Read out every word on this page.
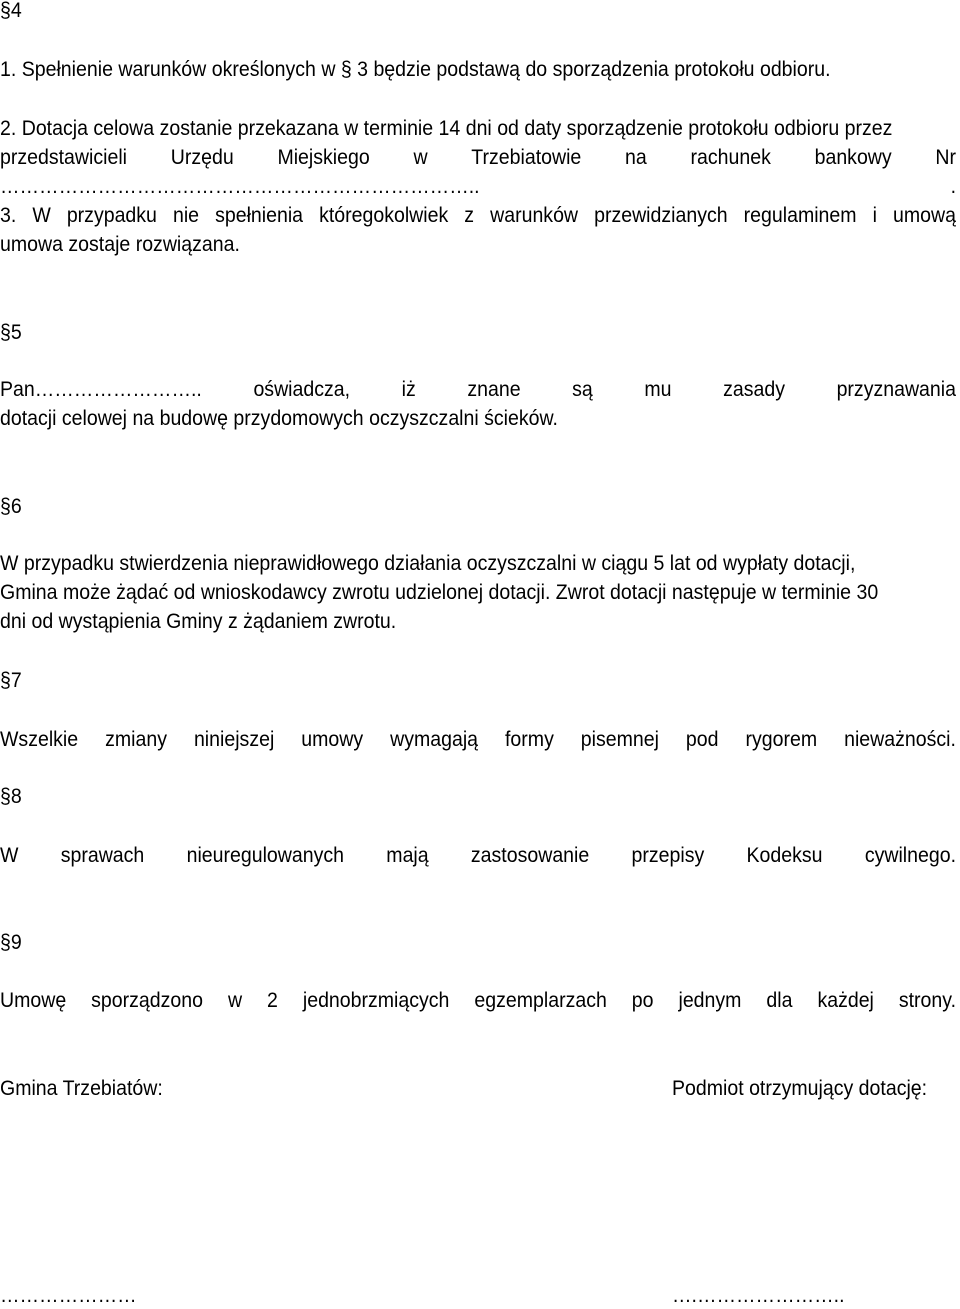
§4
1. Spełnienie warunków określonych w § 3 będzie podstawą do sporządzenia protokołu odbioru.
2. Dotacja celowa zostanie przekazana w terminie 14 dni od daty sporządzenie protokołu odbioru przez
przedstawicieli Urzędu Miejskiego w Trzebiatowie na rachunek bankowy Nr
………………………………………………………………..	.
3. W przypadku nie spełnienia któregokolwiek z warunków przewidzianych regulaminem i umową
umowa zostaje rozwiązana.
§5
Pan…………………….. oświadcza, iż znane są mu zasady przyznawania
dotacji celowej na budowę przydomowych oczyszczalni ścieków.
§6
W przypadku stwierdzenia nieprawidłowego działania oczyszczalni w ciągu 5 lat od wypłaty dotacji,
Gmina może żądać od wnioskodawcy zwrotu udzielonej dotacji. Zwrot dotacji następuje w terminie 30
dni od wystąpienia Gminy z żądaniem zwrotu.
§7
Wszelkie zmiany niniejszej umowy wymagają formy pisemnej pod rygorem nieważności.
§8
W sprawach nieuregulowanych mają zastosowanie przepisy Kodeksu cywilnego.
§9
Umowę sporządzono w 2 jednobrzmiących egzemplarzach po jednym dla każdej strony.
Gmina Trzebiatów:	Podmiot otrzymujący dotację:
…………………	….…………………..
